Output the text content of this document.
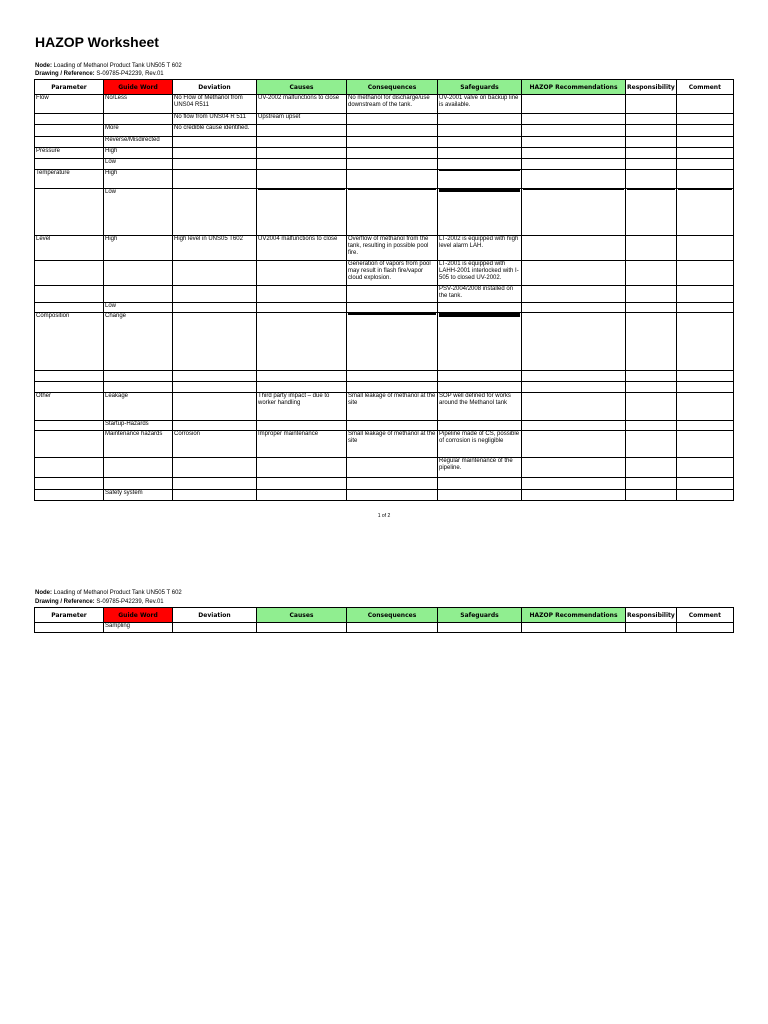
HAZOP Worksheet
Node: Loading of Methanol Product Tank UN505 T 602
Drawing / Reference: S-09785-P42239, Rev.01
Parameter	Guide Word	Deviation	Causes	Consequences	Safeguards	HAZOP Recommendations	Responsibility	Comment
Flow	No/Less	No Flow of Methanol from UNS04 R511	UV-2002 malfunctions to close	No methanol for discharge/use downstream of the tank.	UV-2001 valve on backup line is available.			
		No flow from UNS04 R 511	Upstream upset					
	More	No credible cause identified.						
	Reverse/Misdirected							
Pressure	High							
	Low							
Temperature	High				

	Low		

Level	High	High level in UNS05 T602	UV2004 malfunctions to close	Overflow of methanol from the tank, resulting in possible pool fire.	LT-2002 is equipped with high level alarm LAH.			
				Generation of vapors from pool may result in flash fire/vapor cloud explosion.	LT-2001 is equipped with LAHH-2001 interlocked with I-505 to closed UV-2002.			
					PSV-2004/2008 installed on the tank.			
	Low							
Composition	Change			

Other	Leakage		Third party impact – due to worker handling	Small leakage of methanol at the site	SOP well defined for works around the Methanol tank			
	Startup-Hazards							
	Maintenance hazards	Corrosion	Improper maintenance	Small leakage of methanol at the site	Pipeline made of CS, possible of corrosion is negligible			
					Regular maintenance of the pipeline.			

	Safety system							
1 of 2
Node: Loading of Methanol Product Tank UN505 T 602
Drawing / Reference: S-09785-P42239, Rev.01
Parameter	Guide Word	Deviation	Causes	Consequences	Safeguards	HAZOP Recommendations	Responsibility	Comment
	Sampling							
